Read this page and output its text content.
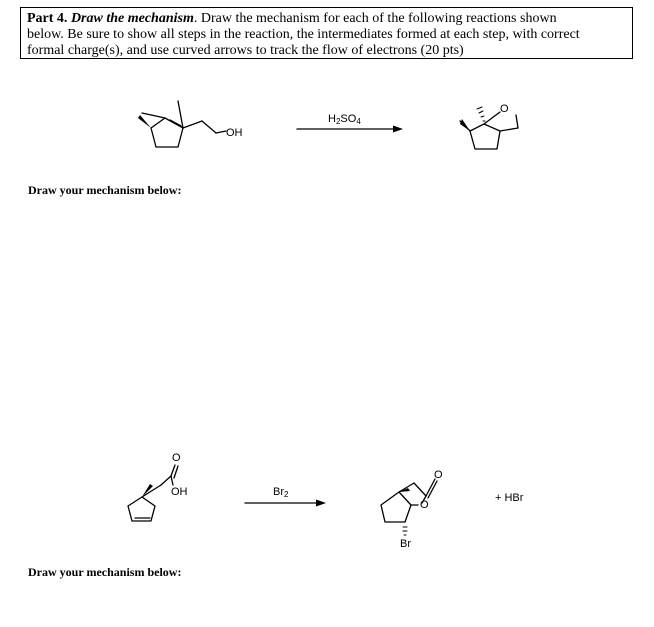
Part 4. Draw the mechanism. Draw the mechanism for each of the following reactions shown
below. Be sure to show all steps in the reaction, the intermediates formed at each step, with correct
formal charge(s), and use curved arrows to track the flow of electrons (20 pts)
OH
$H_2SO_4$
O
Draw your mechanism below:
O
OH	$Br_2$
O
O
Br
+ HBr
Draw your mechanism below:
